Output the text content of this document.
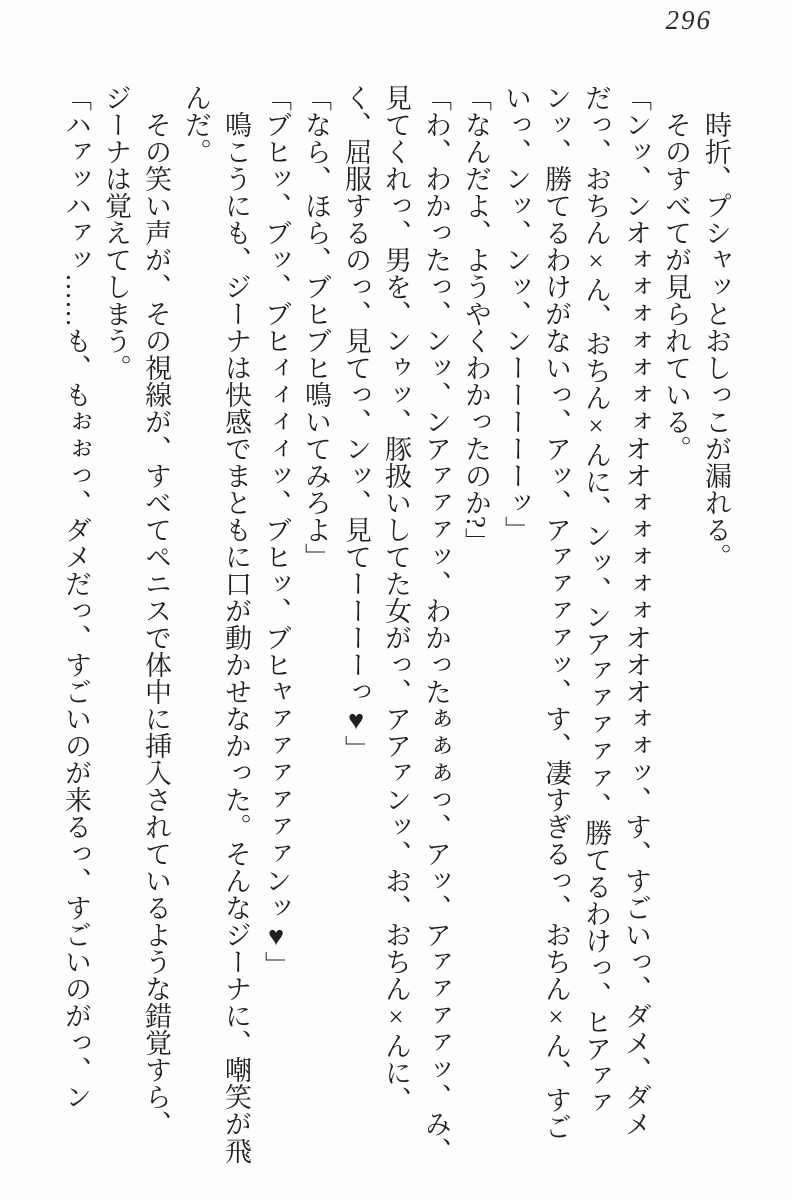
296

時折、プシャッとおしっこが漏れる。

そのすべてが見られている。

「ンッ、ンオォォォォォォォオオォォォォォオオオォォッ、す、すごいっ、ダメ、ダメだっ、おちん×ん、おちん×んに、ンッ、ンアァァァァァ、勝てるわけっ、ヒアァァンッ、勝てるわけがないっ、アッ、アァァァァッ、す、凄すぎるっ、おちん×ん、すごいっ、ンッ、ンッ、ンーーーーーッ」

「なんだよ、ようやくわかったのか?」

「わ、わかったっ、ンッ、ンアァァァッ、わかったぁぁぁっ、アッ、アァァァァッ、み、見てくれっ、男を、ンゥッ、豚扱いしてた女がっ、アアァンッ、お、おちん×んに、く、屈服するのっ、見てっ、ンッ、見てーーーーっ♥」

「なら、ほら、ブヒブヒ鳴いてみろよ」

「ブヒッ、ブッ、ブヒィィィィッ、ブヒッ、ブヒャァァァァァァンッ♥」

鳴こうにも、ジーナは快感でまともに口が動かせなかった。そんなジーナに、嘲笑が飛んだ。

その笑い声が、その視線が、すべてペニスで体中に挿入されているような錯覚すら、ジーナは覚えてしまう。

「ハァッハァッ……も、もぉぉっ、ダメだっ、すごいのが来るっ、すごいのがっ、ン
